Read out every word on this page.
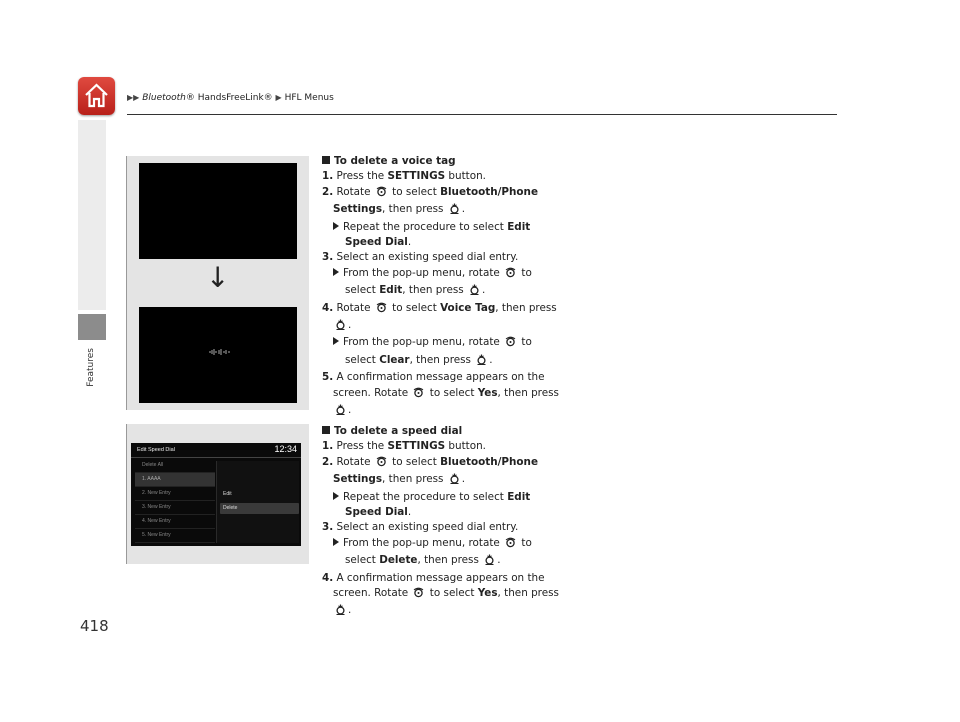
▶▶ Bluetooth® HandsFreeLink® ▶ HFL Menus
Features
418
↓
Edit Speed Dial	12:34
Delete All
1. AAAA
2. New Entry
3. New Entry
4. New Entry
5. New Entry
Edit
Delete
To delete a voice tag
1. Press the SETTINGS button.
2. Rotate to select Bluetooth/Phone
Settings, then press .
Repeat the procedure to select Edit
Speed Dial.
3. Select an existing speed dial entry.
From the pop-up menu, rotate to
select Edit, then press .
4. Rotate to select Voice Tag, then press
.
From the pop-up menu, rotate to
select Clear, then press .
5. A confirmation message appears on the
screen. Rotate to select Yes, then press
.
To delete a speed dial
1. Press the SETTINGS button.
2. Rotate to select Bluetooth/Phone
Settings, then press .
Repeat the procedure to select Edit
Speed Dial.
3. Select an existing speed dial entry.
From the pop-up menu, rotate to
select Delete, then press .
4. A confirmation message appears on the
screen. Rotate to select Yes, then press
.
